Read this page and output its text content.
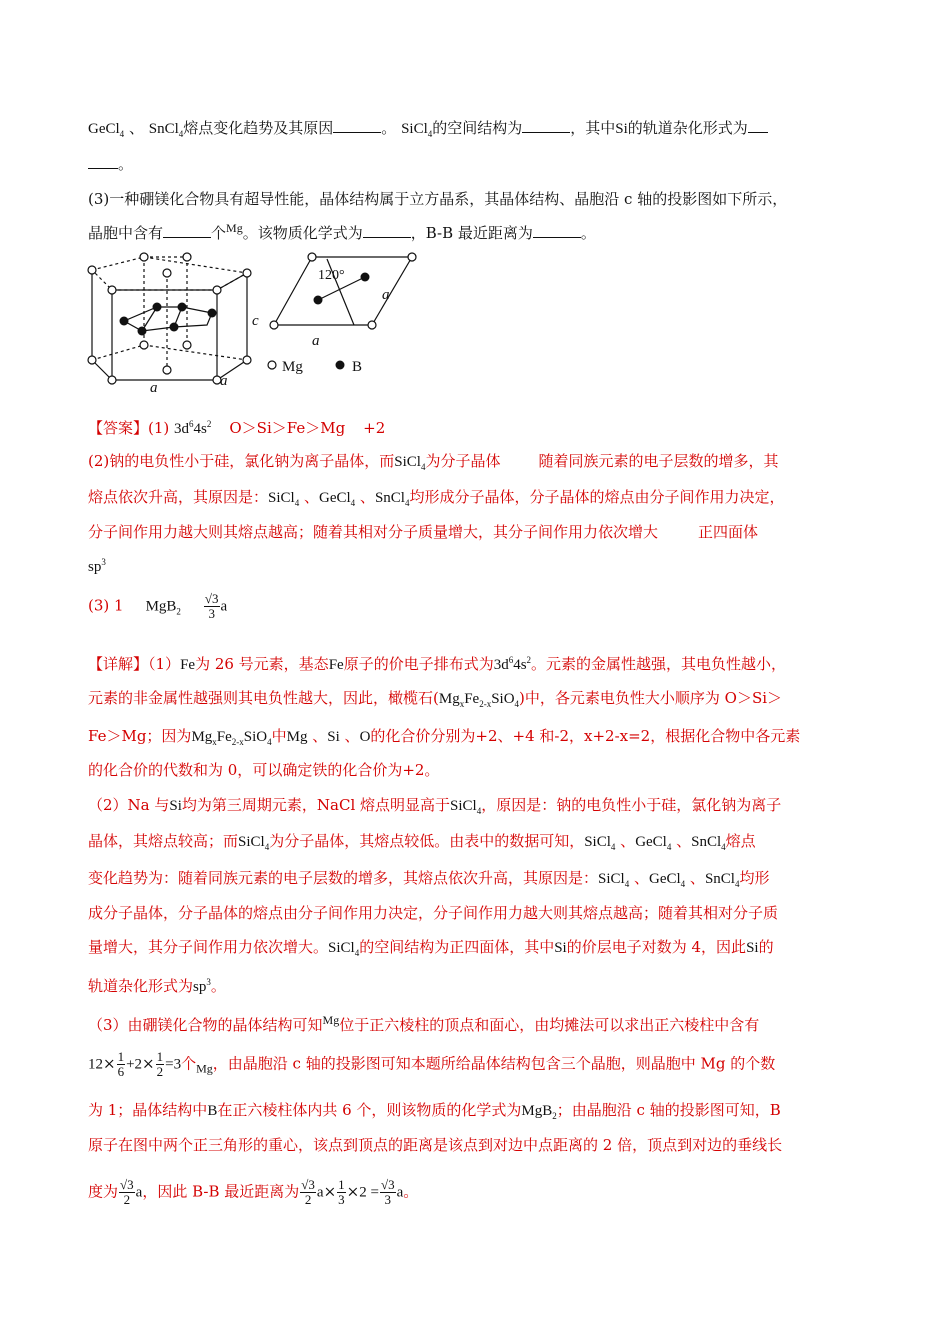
GeCl$_4$ 、 SnCl$_4$熔点变化趋势及其原因	。 SiCl$_4$的空间结构为	，其中Si的轨道杂化形式为
。
(3)一种硼镁化合物具有超导性能，晶体结构属于立方晶系，其晶体结构、晶胞沿 c 轴的投影图如下所示，
晶胞中含有	个$^{Mg}$。该物质化学式为	，B-B 最近距离为	。
c
a	a
a
a
120°
Mg	B
【答案】(1) $3d^64s^2$ O＞Si＞Fe＞Mg +2
(2)钠的电负性小于硅，氯化钠为离子晶体，而SiCl$_4$为分子晶体	随着同族元素的电子层数的增多，其
熔点依次升高，其原因是：SiCl$_4$ 、GeCl$_4$ 、SnCl$_4$均形成分子晶体，分子晶体的熔点由分子间作用力决定，
分子间作用力越大则其熔点越高；随着其相对分子质量增大，其分子间作用力依次增大	正四面体
$sp^3$
(3) 1 $MgB_2 \frac{√3}{3}$ a
【详解】（1）Fe为 26 号元素，基态Fe原子的价电子排布式为$3d^64s^2$。元素的金属性越强，其电负性越小，
元素的非金属性越强则其电负性越大，因此，橄榄石$(Mg_xFe_{2-x}SiO_4)$中，各元素电负性大小顺序为 O＞Si＞
Fe＞Mg；因为$Mg_xFe_{2-x}SiO_4$中Mg 、Si 、O的化合价分别为+2、+4 和-2，x+2-x=2，根据化合物中各元素
的化合价的代数和为 0，可以确定铁的化合价为+2。
（2）Na 与Si均为第三周期元素，NaCl 熔点明显高于SiCl$_4$，原因是：钠的电负性小于硅，氯化钠为离子
晶体，其熔点较高；而SiCl$_4$为分子晶体，其熔点较低。由表中的数据可知，SiCl$_4$ 、GeCl$_4$ 、SnCl$_4$熔点
变化趋势为：随着同族元素的电子层数的增多，其熔点依次升高，其原因是：SiCl$_4$ 、GeCl$_4$ 、SnCl$_4$均形
成分子晶体，分子晶体的熔点由分子间作用力决定，分子间作用力越大则其熔点越高；随着其相对分子质
量增大，其分子间作用力依次增大。SiCl$_4$的空间结构为正四面体，其中Si的价层电子对数为 4，因此Si的
轨道杂化形式为$sp^3$。
（3）由硼镁化合物的晶体结构可知$^{Mg}$位于正六棱柱的顶点和面心，由均摊法可以求出正六棱柱中含有
$12\times \frac{1}{6} +2\times \frac{1}{2} =3$个$_{Mg}$，由晶胞沿 c 轴的投影图可知本题所给晶体结构包含三个晶胞，则晶胞中 Mg 的个数
为 1；晶体结构中B在正六棱柱体内共 6 个，则该物质的化学式为MgB$_2$；由晶胞沿 c 轴的投影图可知，B
原子在图中两个正三角形的重心，该点到顶点的距离是该点到对边中点距离的 2 倍，顶点到对边的垂线长
度为 $\frac{√3}{2}$ a，因此 B-B 最近距离为 $\frac{√3}{2} a\times \frac{1}{3} \times 2 = \frac{√3}{3}$ a。
